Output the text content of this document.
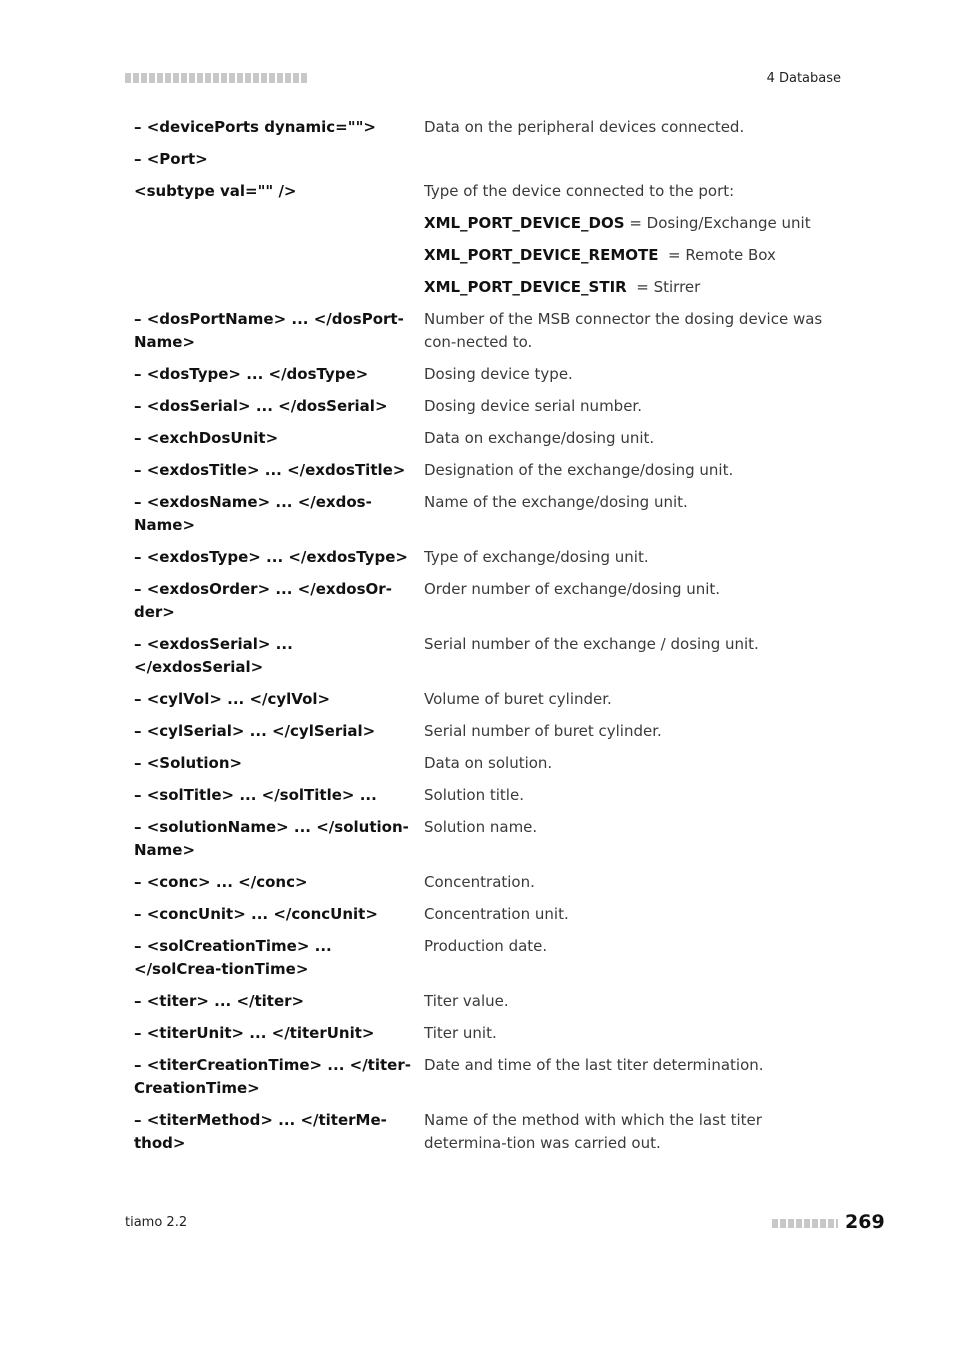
4 Database
– <devicePorts dynamic="">	Data on the peripheral devices connected.
– <Port>	
<subtype val="" />	Type of the device connected to the port:
	XML_PORT_DEVICE_DOS = Dosing/Exchange unit
	XML_PORT_DEVICE_REMOTE  = Remote Box
	XML_PORT_DEVICE_STIR  = Stirrer
– <dosPortName> ... </dosPort-Name>	Number of the MSB connector the dosing device was con-nected to.
– <dosType> ... </dosType>	Dosing device type.
– <dosSerial> ... </dosSerial>	Dosing device serial number.
– <exchDosUnit>	Data on exchange/dosing unit.
– <exdosTitle> ... </exdosTitle>	Designation of the exchange/dosing unit.
– <exdosName> ... </exdos-Name>	Name of the exchange/dosing unit.
– <exdosType> ... </exdosType>	Type of exchange/dosing unit.
– <exdosOrder> ... </exdosOr-der>	Order number of exchange/dosing unit.
– <exdosSerial> ... </exdosSerial>	Serial number of the exchange / dosing unit.
– <cylVol> ... </cylVol>	Volume of buret cylinder.
– <cylSerial> ... </cylSerial>	Serial number of buret cylinder.
– <Solution>	Data on solution.
– <solTitle> ... </solTitle> ...	Solution title.
– <solutionName> ... </solution-Name>	Solution name.
– <conc> ... </conc>	Concentration.
– <concUnit> ... </concUnit>	Concentration unit.
– <solCreationTime> ... </solCrea-tionTime>	Production date.
– <titer> ... </titer>	Titer value.
– <titerUnit> ... </titerUnit>	Titer unit.
– <titerCreationTime> ... </titer-CreationTime>	Date and time of the last titer determination.
– <titerMethod> ... </titerMe-thod>	Name of the method with which the last titer determina-tion was carried out.
tiamo 2.2	269
